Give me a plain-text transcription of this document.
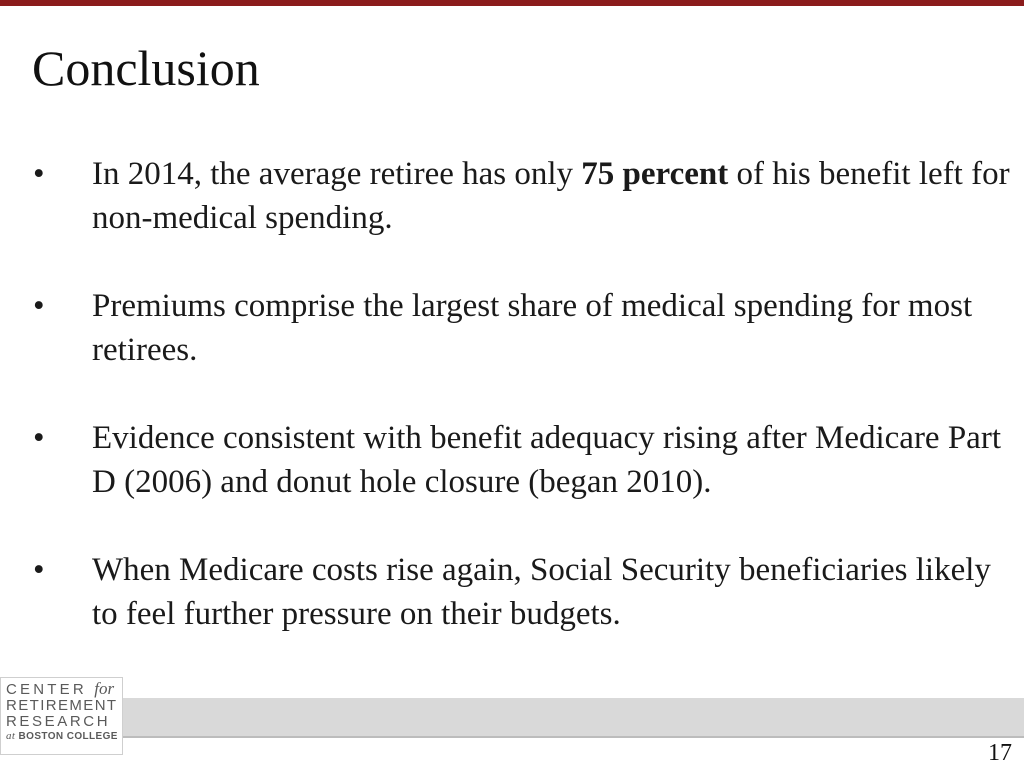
Conclusion
• In 2014, the average retiree has only 75 percent of his benefit left for non-medical spending.
• Premiums comprise the largest share of medical spending for most retirees.
• Evidence consistent with benefit adequacy rising after Medicare Part D (2006) and donut hole closure (began 2010).
• When Medicare costs rise again, Social Security beneficiaries likely to feel further pressure on their budgets.
CENTER for
RETIREMENT
RESEARCH
at BOSTON COLLEGE
17
